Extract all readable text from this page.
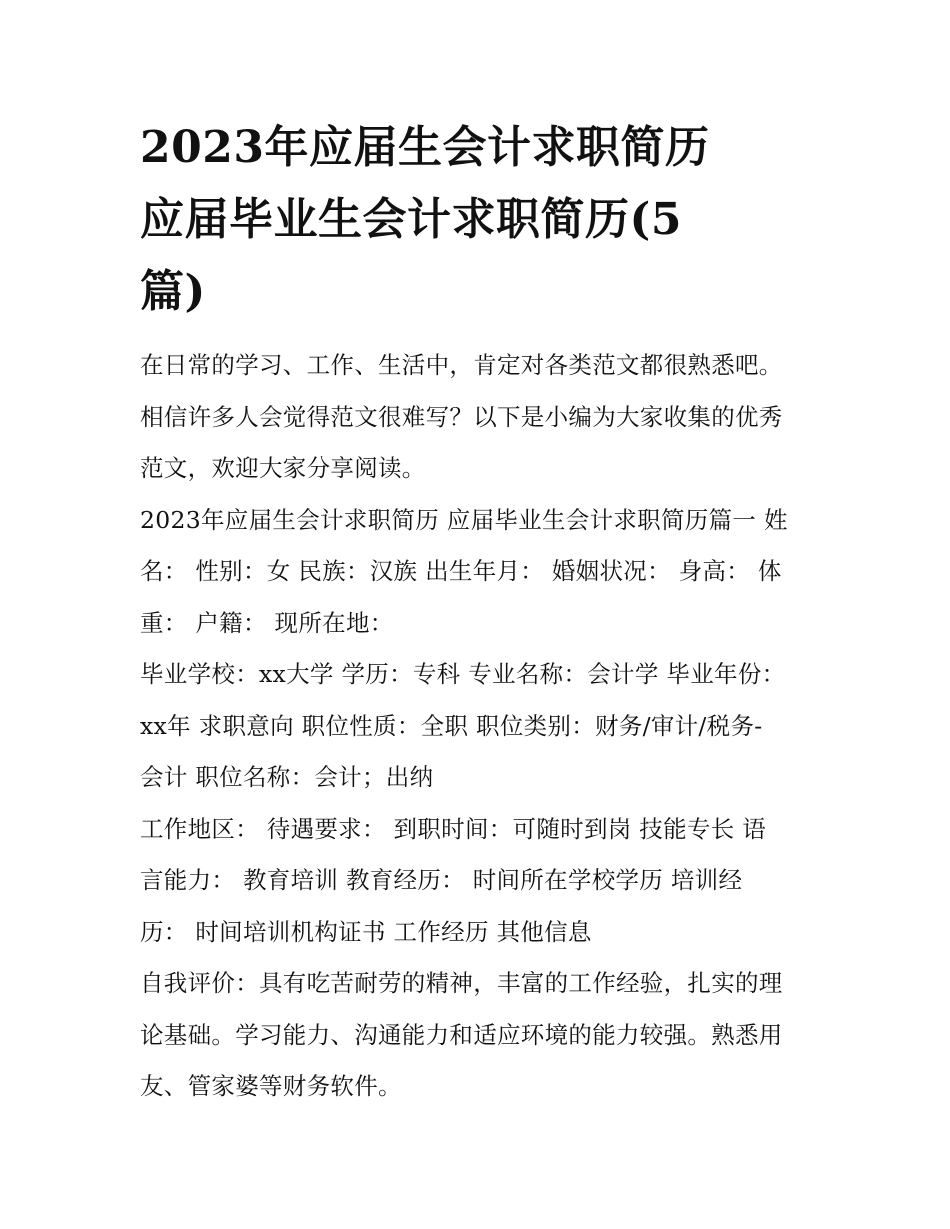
2023年应届生会计求职简历
应届毕业生会计求职简历(5
篇)

在日常的学习、工作、生活中，肯定对各类范文都很熟悉吧。
相信许多人会觉得范文很难写？以下是小编为大家收集的优秀
范文，欢迎大家分享阅读。

2023年应届生会计求职简历 应届毕业生会计求职简历篇一 姓
名： 性别：女 民族：汉族 出生年月： 婚姻状况： 身高： 体
重： 户籍： 现所在地：

毕业学校：xx大学 学历：专科 专业名称：会计学 毕业年份：
xx年 求职意向 职位性质：全职 职位类别：财务/审计/税务-
会计 职位名称：会计；出纳

工作地区： 待遇要求： 到职时间：可随时到岗 技能专长 语
言能力： 教育培训 教育经历： 时间所在学校学历 培训经
历： 时间培训机构证书 工作经历 其他信息

自我评价：具有吃苦耐劳的精神，丰富的工作经验，扎实的理
论基础。学习能力、沟通能力和适应环境的能力较强。熟悉用
友、管家婆等财务软件。
